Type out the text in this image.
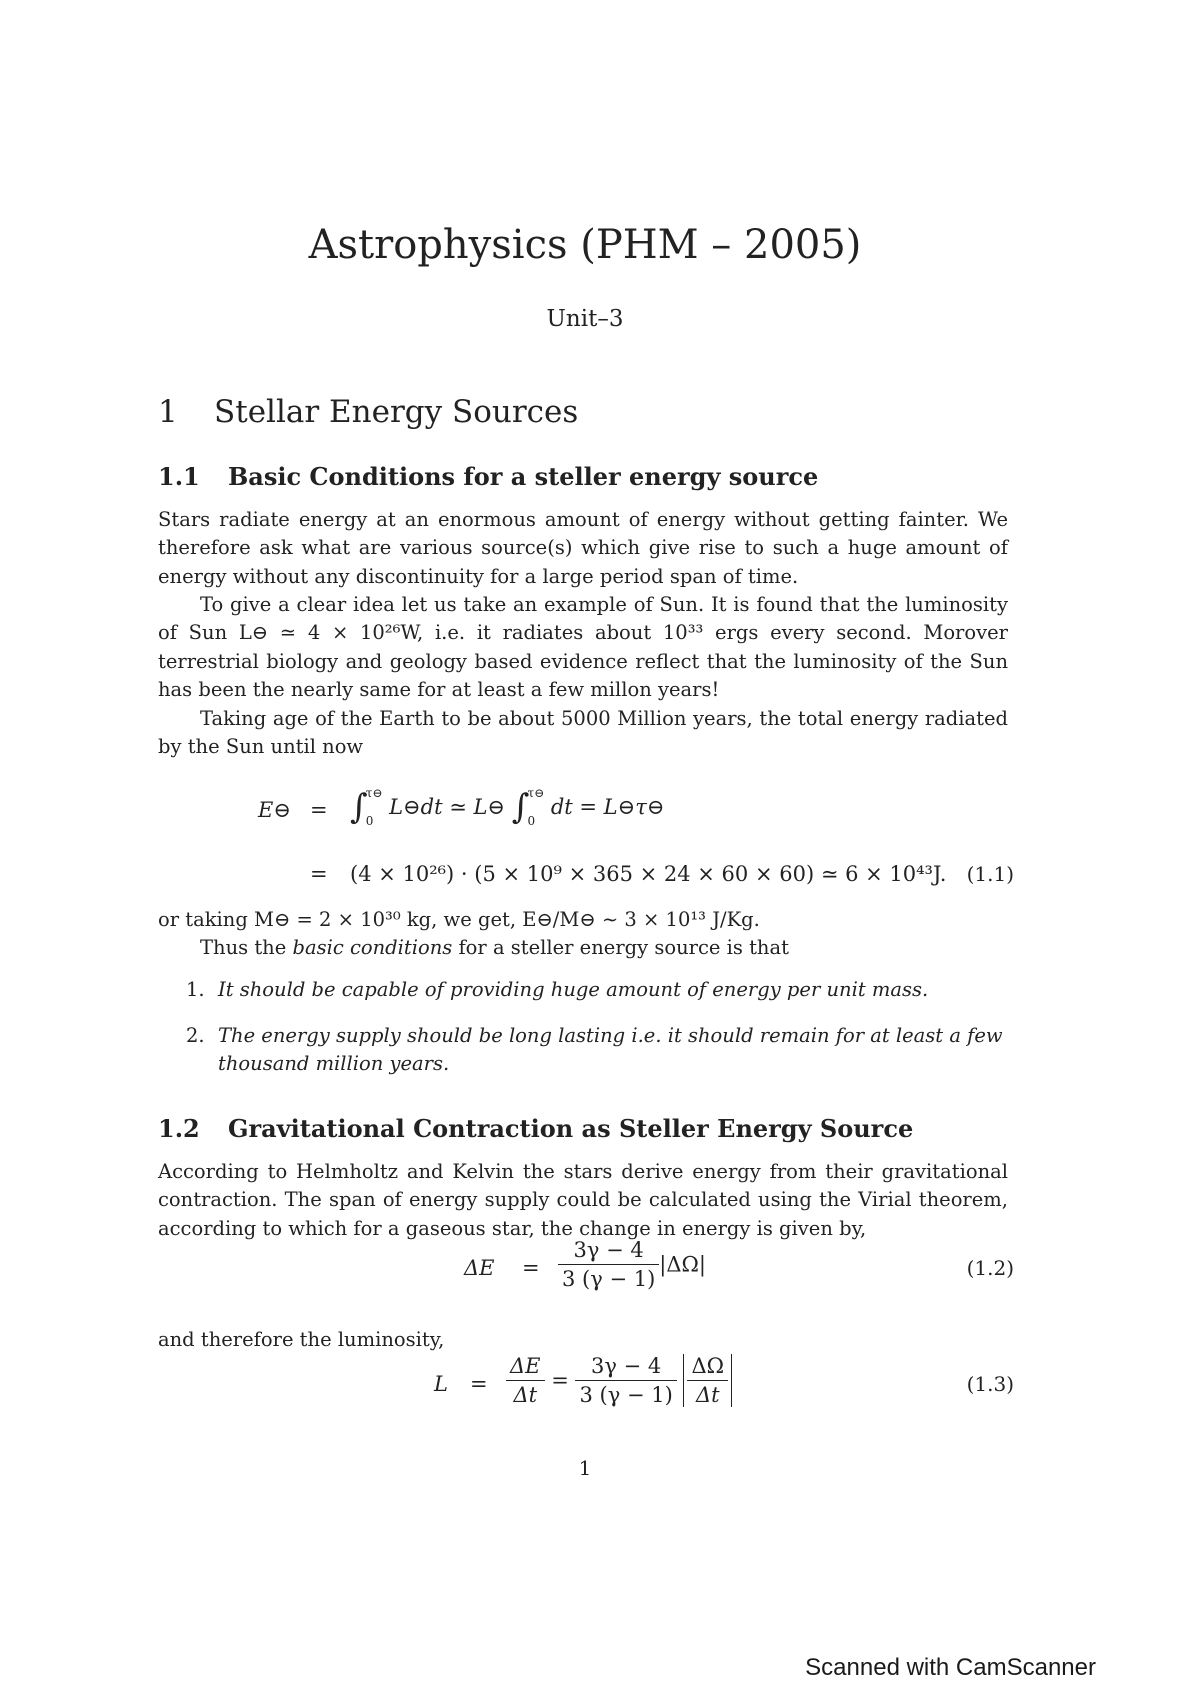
Astrophysics (PHM – 2005)
Unit–3
1 Stellar Energy Sources
1.1 Basic Conditions for a steller energy source
Stars radiate energy at an enormous amount of energy without getting fainter. We therefore ask what are various source(s) which give rise to such a huge amount of energy without any discontinuity for a large period span of time.
To give a clear idea let us take an example of Sun. It is found that the luminosity of Sun L⊖ ≃ 4 × 10²⁶W, i.e. it radiates about 10³³ ergs every second. Morover terrestrial biology and geology based evidence reflect that the luminosity of the Sun has been the nearly same for at least a few millon years!
Taking age of the Earth to be about 5000 Million years, the total energy radiated by the Sun until now
E⊖ = ∫τ⊖

0 L⊖dt ≃ L⊖ ∫τ⊖

0 dt = L⊖τ⊖
= (4 × 10²⁶) · (5 × 10⁹ × 365 × 24 × 60 × 60) ≃ 6 × 10⁴³J. (1.1)
or taking M⊖ = 2 × 10³⁰ kg, we get, E⊖/M⊖ ∼ 3 × 10¹³ J/Kg.
Thus the basic conditions for a steller energy source is that
1. It should be capable of providing huge amount of energy per unit mass.
2. The energy supply should be long lasting i.e. it should remain for at least a few thousand million years.
1.2 Gravitational Contraction as Steller Energy Source
According to Helmholtz and Kelvin the stars derive energy from their gravitational contraction. The span of energy supply could be calculated using the Virial theorem, according to which for a gaseous star, the change in energy is given by,
$\Delta E = \frac{3\gamma - 4}{3 (\gamma - 1)} |\Delta\Omega|$	(1.2)
and therefore the luminosity,
$L = \frac{\Delta E}{\Delta t} = \frac{3\gamma - 4}{3 (\gamma - 1)}$
$\frac{\Delta\Omega}{\Delta t}$	(1.3)
1
Scanned with CamScanner
